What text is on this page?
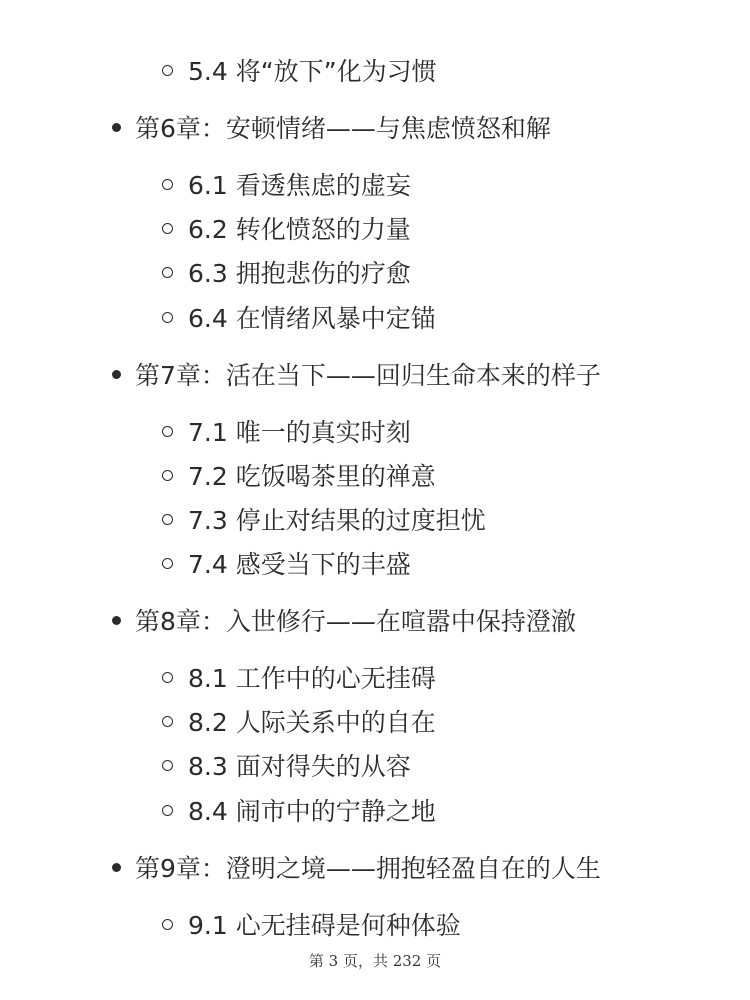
5.4 将“放下”化为习惯
第6章：安顿情绪——与焦虑愤怒和解
6.1 看透焦虑的虚妄
6.2 转化愤怒的力量
6.3 拥抱悲伤的疗愈
6.4 在情绪风暴中定锚
第7章：活在当下——回归生命本来的样子
7.1 唯一的真实时刻
7.2 吃饭喝茶里的禅意
7.3 停止对结果的过度担忧
7.4 感受当下的丰盛
第8章：入世修行——在喧嚣中保持澄澈
8.1 工作中的心无挂碍
8.2 人际关系中的自在
8.3 面对得失的从容
8.4 闹市中的宁静之地
第9章：澄明之境——拥抱轻盈自在的人生
9.1 心无挂碍是何种体验
第 3 页，共 232 页
